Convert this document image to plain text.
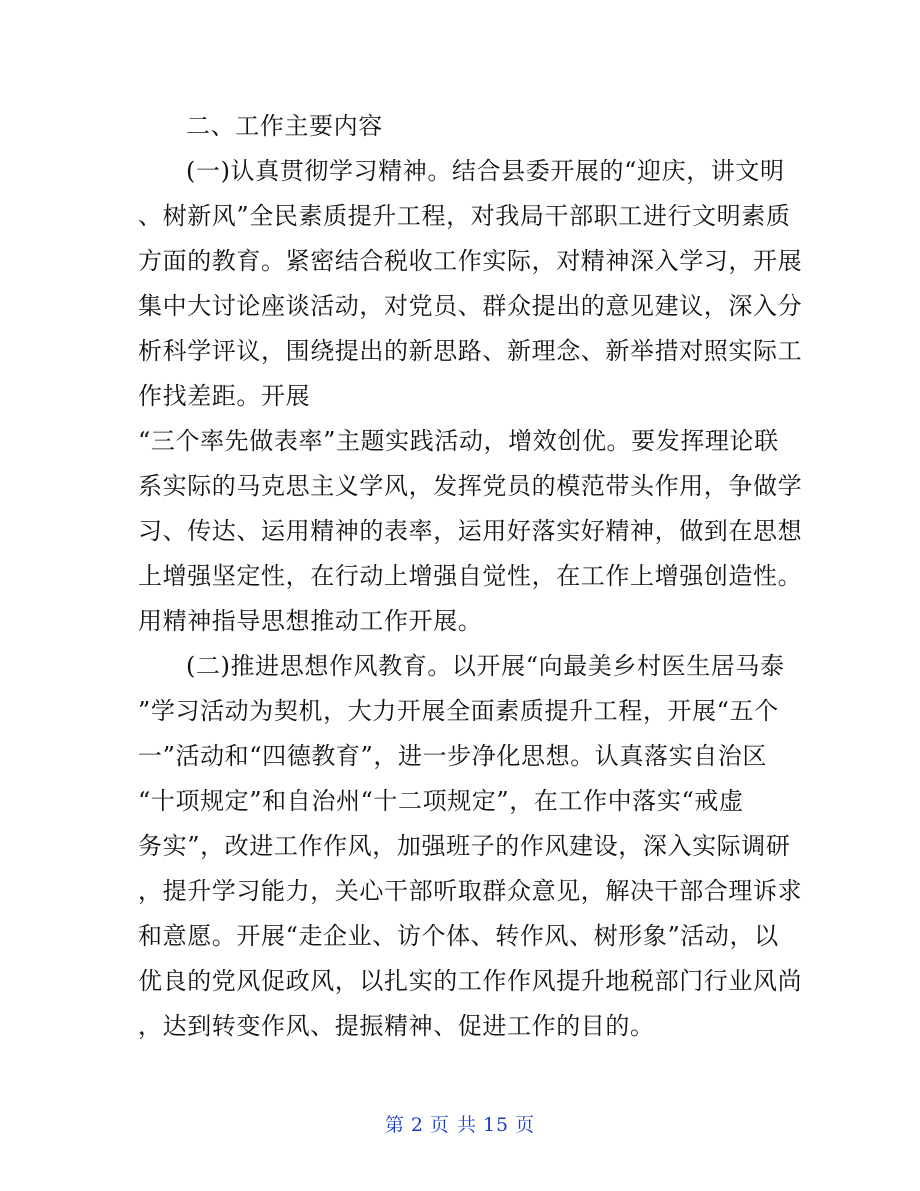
二、工作主要内容
(一)认真贯彻学习精神。结合县委开展的“迎庆，讲文明
、树新风”全民素质提升工程，对我局干部职工进行文明素质
方面的教育。紧密结合税收工作实际，对精神深入学习，开展
集中大讨论座谈活动，对党员、群众提出的意见建议，深入分
析科学评议，围绕提出的新思路、新理念、新举措对照实际工
作找差距。开展
“三个率先做表率”主题实践活动，增效创优。要发挥理论联
系实际的马克思主义学风，发挥党员的模范带头作用，争做学
习、传达、运用精神的表率，运用好落实好精神，做到在思想
上增强坚定性，在行动上增强自觉性，在工作上增强创造性。
用精神指导思想推动工作开展。
(二)推进思想作风教育。以开展“向最美乡村医生居马泰
”学习活动为契机，大力开展全面素质提升工程，开展“五个
一”活动和“四德教育”，进一步净化思想。认真落实自治区
“十项规定”和自治州“十二项规定”，在工作中落实“戒虚
务实”，改进工作作风，加强班子的作风建设，深入实际调研
，提升学习能力，关心干部听取群众意见，解决干部合理诉求
和意愿。开展“走企业、访个体、转作风、树形象”活动，以
优良的党风促政风，以扎实的工作作风提升地税部门行业风尚
，达到转变作风、提振精神、促进工作的目的。
第 2 页 共 15 页
